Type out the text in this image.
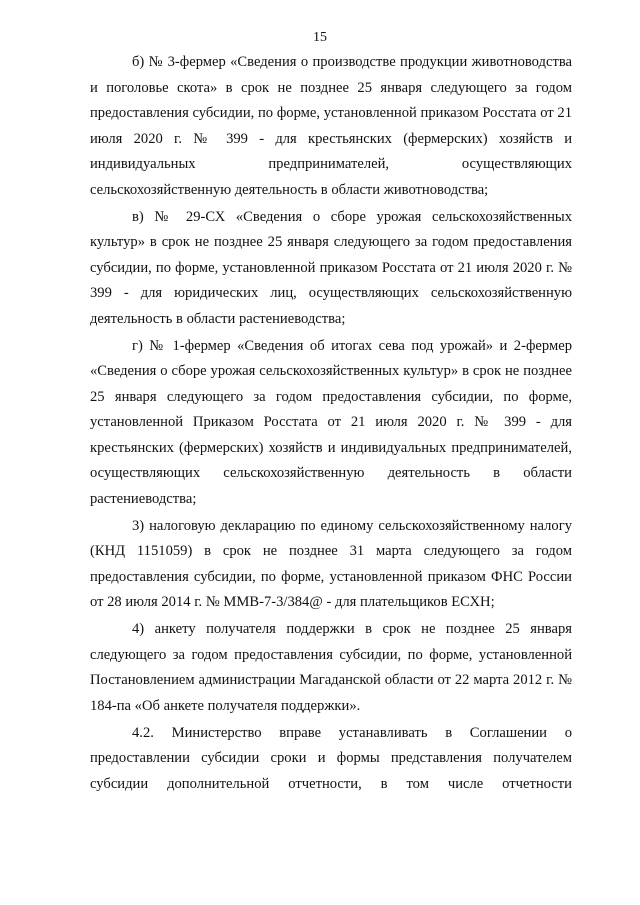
15

б) № 3-фермер «Сведения о производстве продукции животноводства и поголовье скота» в срок не позднее 25 января следующего за годом предоставления субсидии, по форме, установленной приказом Росстата от 21 июля 2020 г. № 399 - для крестьянских (фермерских) хозяйств и индивидуальных предпринимателей, осуществляющих сельскохозяйственную деятельность в области животноводства;

в) № 29-СХ «Сведения о сборе урожая сельскохозяйственных культур» в срок не позднее 25 января следующего за годом предоставления субсидии, по форме, установленной приказом Росстата от 21 июля 2020 г. № 399 - для юридических лиц, осуществляющих сельскохозяйственную деятельность в области растениеводства;

г) № 1-фермер «Сведения об итогах сева под урожай» и 2-фермер «Сведения о сборе урожая сельскохозяйственных культур» в срок не позднее 25 января следующего за годом предоставления субсидии, по форме, установленной Приказом Росстата от 21 июля 2020 г. № 399 - для крестьянских (фермерских) хозяйств и индивидуальных предпринимателей, осуществляющих сельскохозяйственную деятельность в области растениеводства;

3) налоговую декларацию по единому сельскохозяйственному налогу (КНД 1151059) в срок не позднее 31 марта следующего за годом предоставления субсидии, по форме, установленной приказом ФНС России от 28 июля 2014 г. № ММВ-7-3/384@ - для плательщиков ЕСХН;

4) анкету получателя поддержки в срок не позднее 25 января следующего за годом предоставления субсидии, по форме, установленной Постановлением администрации Магаданской области от 22 марта 2012 г. № 184-па «Об анкете получателя поддержки».

4.2. Министерство вправе устанавливать в Соглашении о предоставлении субсидии сроки и формы представления получателем субсидии дополнительной отчетности, в том числе отчетности
